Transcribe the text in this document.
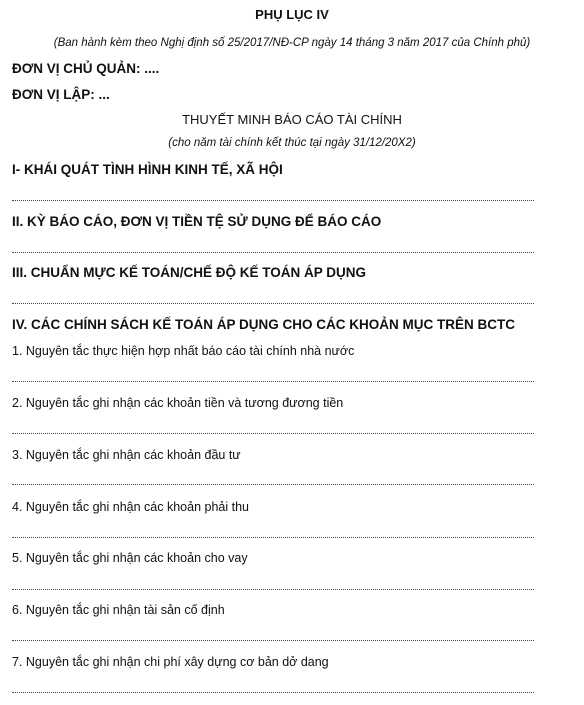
PHỤ LỤC IV
(Ban hành kèm theo Nghị định số 25/2017/NĐ-CP ngày 14 tháng 3 năm 2017 của Chính phủ)
ĐƠN VỊ CHỦ QUẢN: ....
ĐƠN VỊ LẬP: ...
THUYẾT MINH BÁO CÁO TÀI CHÍNH
(cho năm tài chính kết thúc tại ngày 31/12/20X2)
I- KHÁI QUÁT TÌNH HÌNH KINH TẾ, XÃ HỘI
II. KỲ BÁO CÁO, ĐƠN VỊ TIỀN TỆ SỬ DỤNG ĐỂ BÁO CÁO
III. CHUẨN MỰC KẾ TOÁN/CHẾ ĐỘ KẾ TOÁN ÁP DỤNG
IV. CÁC CHÍNH SÁCH KẾ TOÁN ÁP DỤNG CHO CÁC KHOẢN MỤC TRÊN BCTC
1. Nguyên tắc thực hiện hợp nhất báo cáo tài chính nhà nước
2. Nguyên tắc ghi nhận các khoản tiền và tương đương tiền
3. Nguyên tắc ghi nhận các khoản đầu tư
4. Nguyên tắc ghi nhận các khoản phải thu
5. Nguyên tắc ghi nhận các khoản cho vay
6. Nguyên tắc ghi nhận tài sản cố định
7. Nguyên tắc ghi nhận chi phí xây dựng cơ bản dở dang
